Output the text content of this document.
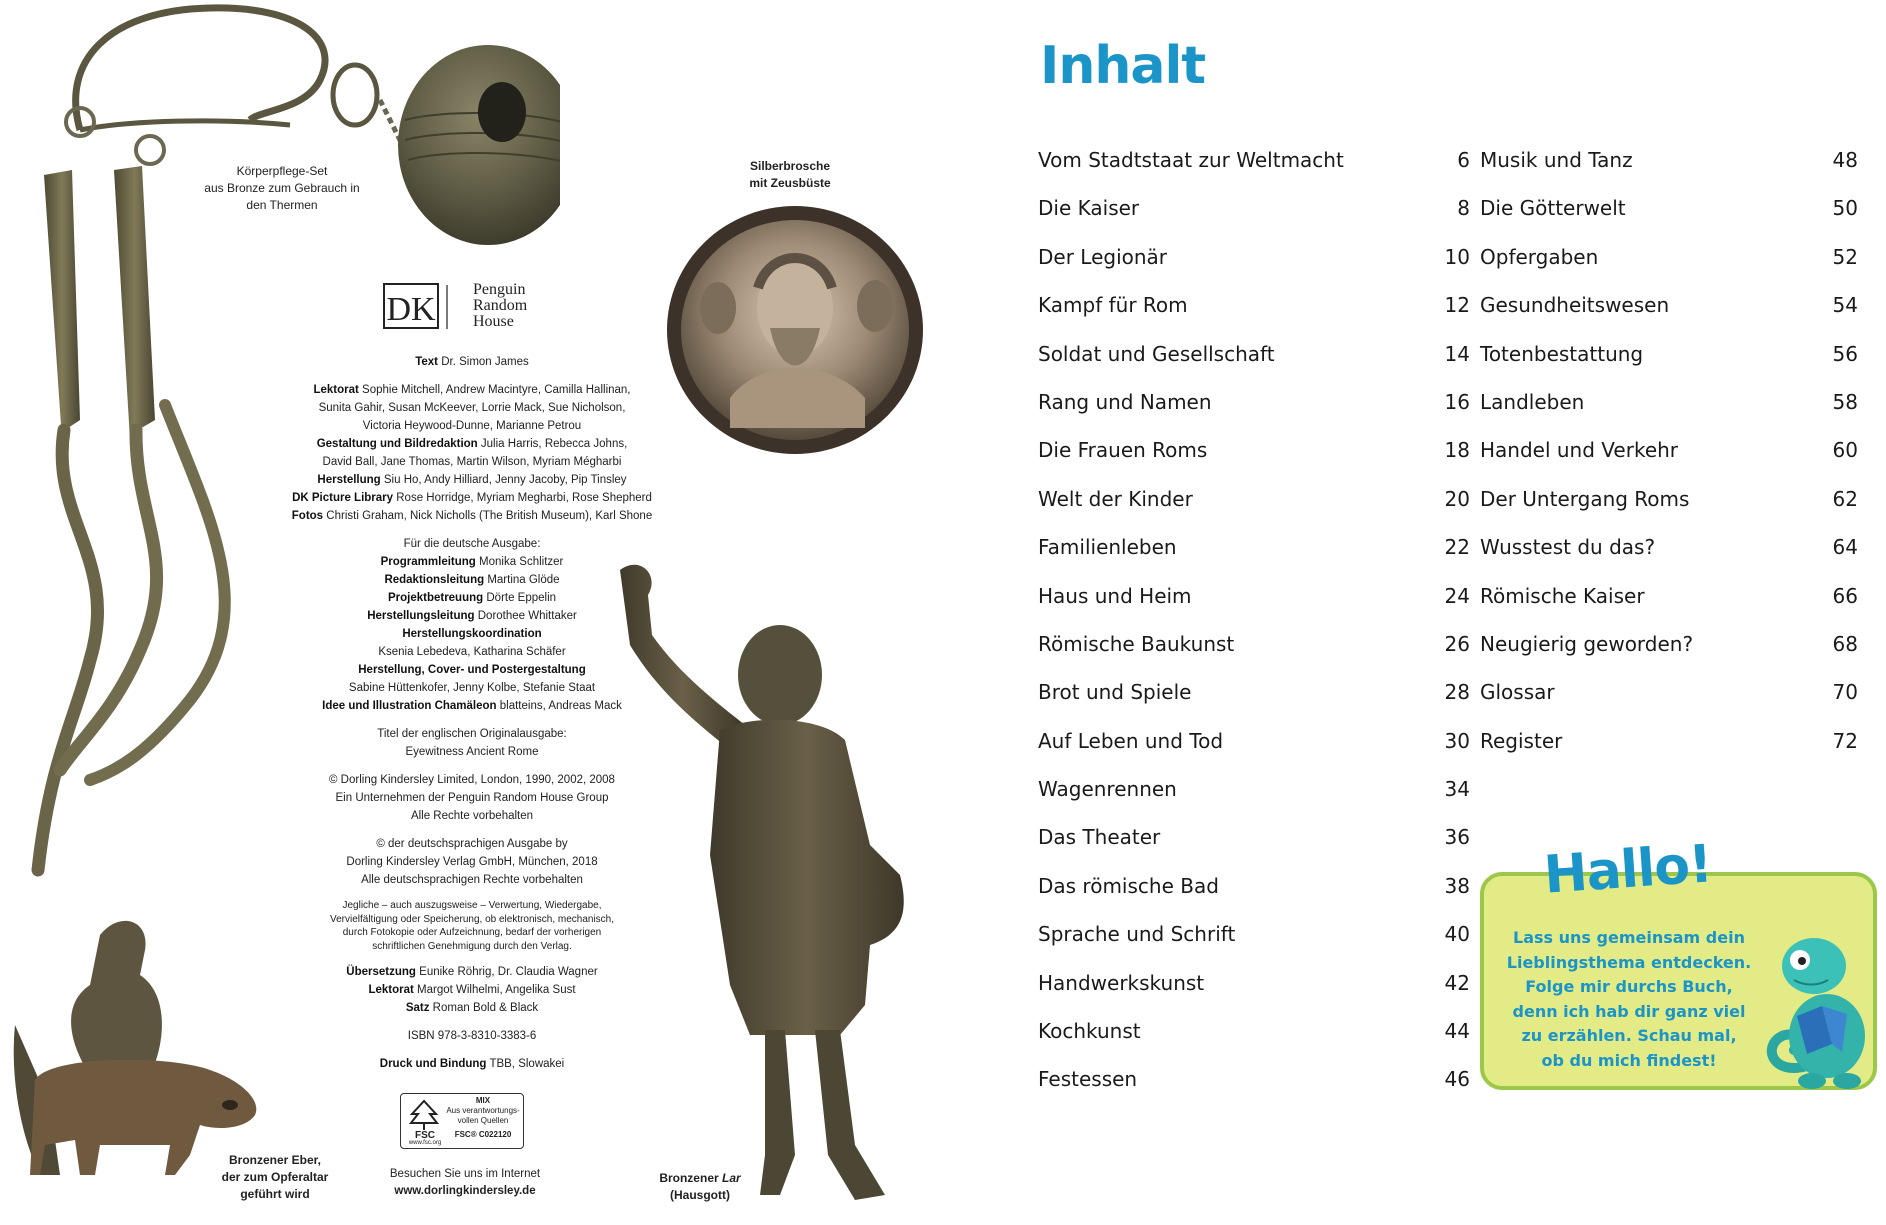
Körperpflege-Set
aus Bronze zum Gebrauch in
den Thermen
Silberbrosche
mit Zeusbüste
DK
Penguin
Random
House
Text Dr. Simon James
Lektorat Sophie Mitchell, Andrew Macintyre, Camilla Hallinan,
Sunita Gahir, Susan McKeever, Lorrie Mack, Sue Nicholson,
Victoria Heywood-Dunne, Marianne Petrou
Gestaltung und Bildredaktion Julia Harris, Rebecca Johns,
David Ball, Jane Thomas, Martin Wilson, Myriam Mégharbi
Herstellung Siu Ho, Andy Hilliard, Jenny Jacoby, Pip Tinsley
DK Picture Library Rose Horridge, Myriam Megharbi, Rose Shepherd
Fotos Christi Graham, Nick Nicholls (The British Museum), Karl Shone
Für die deutsche Ausgabe:
Programmleitung Monika Schlitzer
Redaktionsleitung Martina Glöde
Projektbetreuung Dörte Eppelin
Herstellungsleitung Dorothee Whittaker
Herstellungskoordination
Ksenia Lebedeva, Katharina Schäfer
Herstellung, Cover- und Postergestaltung
Sabine Hüttenkofer, Jenny Kolbe, Stefanie Staat
Idee und Illustration Chamäleon blatteins, Andreas Mack
Titel der englischen Originalausgabe:
Eyewitness Ancient Rome
© Dorling Kindersley Limited, London, 1990, 2002, 2008
Ein Unternehmen der Penguin Random House Group
Alle Rechte vorbehalten
© der deutschsprachigen Ausgabe by
Dorling Kindersley Verlag GmbH, München, 2018
Alle deutschsprachigen Rechte vorbehalten
Jegliche – auch auszugsweise – Verwertung, Wiedergabe,
Vervielfältigung oder Speicherung, ob elektronisch, mechanisch,
durch Fotokopie oder Aufzeichnung, bedarf der vorherigen
schriftlichen Genehmigung durch den Verlag.
Übersetzung Eunike Röhrig, Dr. Claudia Wagner
Lektorat Margot Wilhelmi, Angelika Sust
Satz Roman Bold & Black
ISBN 978-3-8310-3383-6
Druck und Bindung TBB, Slowakei
FSC
www.fsc.org
MIX
Aus verantwortungs-
vollen Quellen
FSC® C022120
Besuchen Sie uns im Internet
www.dorlingkindersley.de
Bronzener Eber,
der zum Opferaltar
geführt wird
Bronzener Lar
(Hausgott)
Inhalt
Vom Stadtstaat zur Weltmacht	6
Die Kaiser	8
Der Legionär	10
Kampf für Rom	12
Soldat und Gesellschaft	14
Rang und Namen	16
Die Frauen Roms	18
Welt der Kinder	20
Familienleben	22
Haus und Heim	24
Römische Baukunst	26
Brot und Spiele	28
Auf Leben und Tod	30
Wagenrennen	34
Das Theater	36
Das römische Bad	38
Sprache und Schrift	40
Handwerkskunst	42
Kochkunst	44
Festessen	46
Musik und Tanz	48
Die Götterwelt	50
Opfergaben	52
Gesundheitswesen	54
Totenbestattung	56
Landleben	58
Handel und Verkehr	60
Der Untergang Roms	62
Wusstest du das?	64
Römische Kaiser	66
Neugierig geworden?	68
Glossar	70
Register	72
Hallo!
Lass uns gemeinsam dein
Lieblingsthema entdecken.
Folge mir durchs Buch,
denn ich hab dir ganz viel
zu erzählen. Schau mal,
ob du mich findest!
